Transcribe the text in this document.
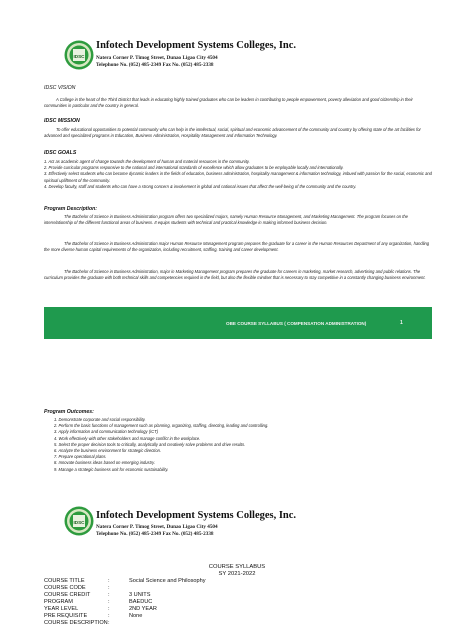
IDSC
Infotech Development Systems Colleges, Inc.
Natera Corner P. Timog Street, Dunao Ligao City 4504
Telephone No. (052) 485-2349 Fax No. (052) 485-2338
IDSC VISION

A College in the heart of the Third District that leads in educating highly trained graduates who can be leaders in contributing to people empowerment, poverty alleviation and good citizenship in their communities in particular and the country in general.

IDSC MISSION

To offer educational opportunities to potential community who can help in the intellectual, social, spiritual and economic advancement of the community and country by offering state of the art facilities for advanced and specialized programs in Education, Business Administration, Hospitality Management and Information Technology.

IDSC GOALS
1. Act as academic agent of change towards the development of human and material resources in the community.
2. Provide curricular programs responsive to the national and international standards of excellence which allow graduates to be employable locally and internationally.
3. Effectively select students who can become dynamic leaders in the fields of education, business administration, hospitality management & information technology, imbued with passion for the social, economic and spiritual upliftment of the community.
4. Develop faculty, staff and students who can have a strong concern & involvement in global and national issues that affect the well-being of the community and the country.
Program Description:

The Bachelor of Science in Business Administration program offers two specialized majors, namely Human Resource Management, and Marketing Management. The program focuses on the interrelationship of the different functional areas of business. It equips students with technical and practical knowledge in making informed business decision.

The Bachelor of Science in Business Administration major Human Resource Management program prepares the graduate for a career in the Human Resources Department of any organization, handling the more diverse human capital requirements of the organization, including recruitment, staffing, training and career development.

The Bachelor of Science in Business Administration, major in Marketing Management program prepares the graduate for careers in marketing, market research, advertising and public relations. The curriculum provides the graduate with both technical skills and competencies required in the field, but also the flexible mindset that is necessary to stay competitive in a constantly changing business environment.

OBE COURSE SYLLABUS ( COMPENSATION ADMINISTRATION)	1
Program Outcomes:
1. Demonstrate corporate and social responsibility.
2. Perform the basic functions of management such as planning, organizing, staffing, directing, leading and controlling.
3. Apply information and communication technology (ICT)
4. Work effectively with other stakeholders and manage conflict in the workplace.
5. Select the proper decision tools to critically, analytically and creatively solve problems and drive results.
6. Analyze the business environment for strategic direction.
7. Prepare operational plans.
8. Innovate business ideas based on emerging industry.
9. Manage a strategic business unit for economic sustainability.
IDSC
Infotech Development Systems Colleges, Inc.
Natera Corner P. Timog Street, Dunao Ligao City 4504
Telephone No. (052) 485-2349 Fax No. (052) 485-2338
COURSE SYLLABUS
SY 2021-2022
COURSE TITLE	:	Social Science and Philosophy
COURSE CODE	:
COURSE CREDIT	:	3 UNITS
PROGRAM	:	BAEDUC
YEAR LEVEL	:	2ND YEAR
PRE REQUISITE	:	None
COURSE DESCRIPTION :
